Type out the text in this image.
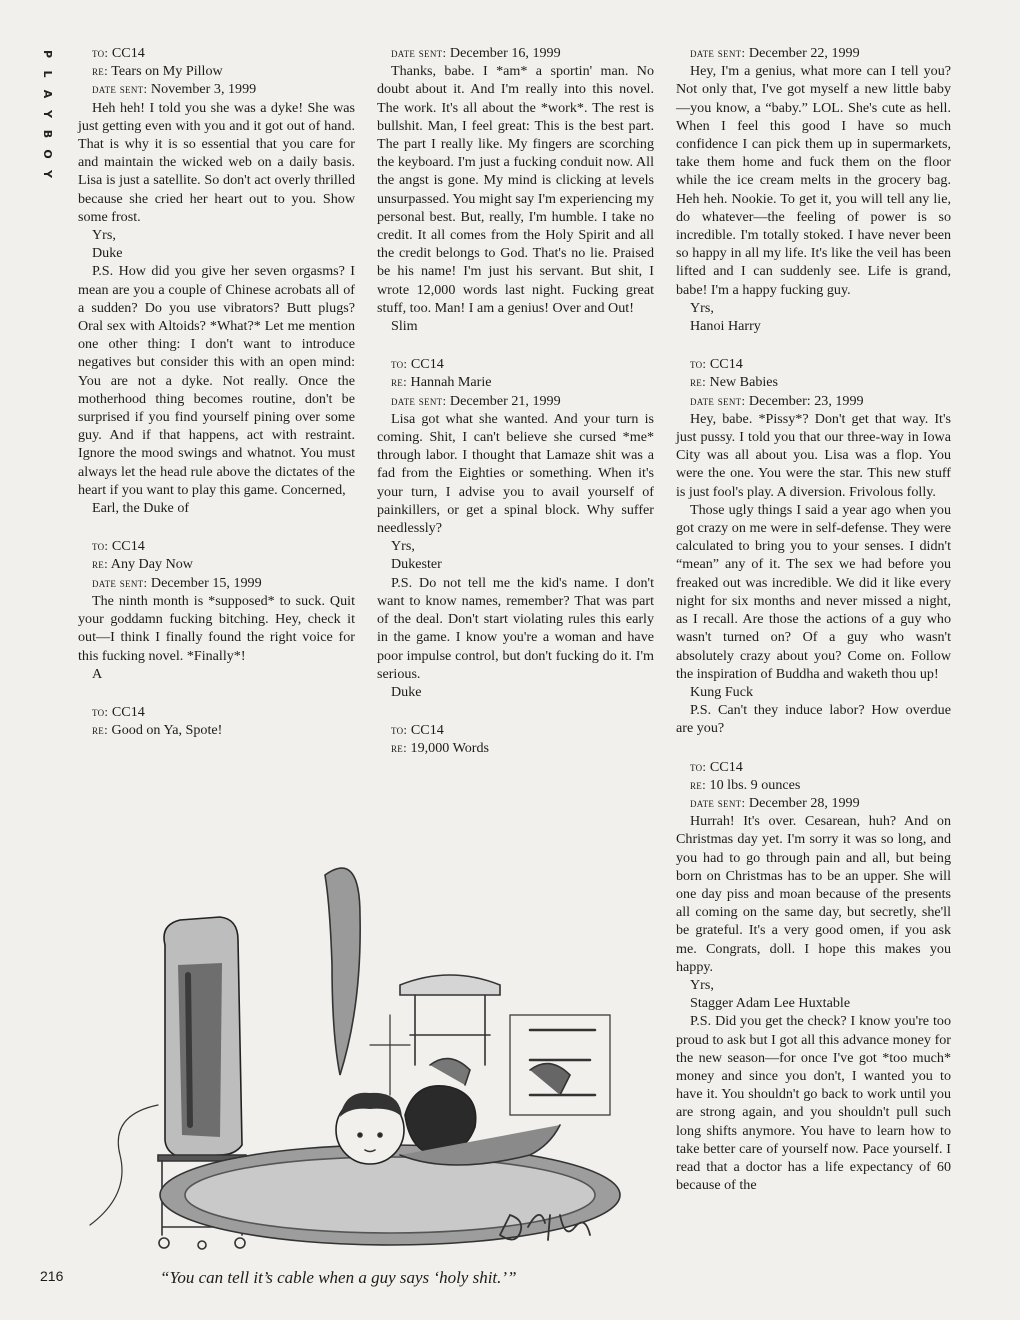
P
L
A
Y
B
O
Y
to: CC14
re: Tears on My Pillow
date sent: November 3, 1999

Heh heh! I told you she was a dyke! She was just getting even with you and it got out of hand. That is why it is so essential that you care for and maintain the wicked web on a daily basis. Lisa is just a satellite. So don't act overly thrilled because she cried her heart out to you. Show some frost.

Yrs,
Duke

P.S. How did you give her seven orgasms? I mean are you a couple of Chinese acrobats all of a sudden? Do you use vibrators? Butt plugs? Oral sex with Altoids? *What?* Let me mention one other thing: I don't want to introduce negatives but consider this with an open mind: You are not a dyke. Not really. Once the motherhood thing becomes routine, don't be surprised if you find yourself pining over some guy. And if that happens, act with restraint. Ignore the mood swings and whatnot. You must always let the head rule above the dictates of the heart if you want to play this game. Concerned,

Earl, the Duke of
to: CC14
re: Any Day Now
date sent: December 15, 1999

The ninth month is *supposed* to suck. Quit your goddamn fucking bitching. Hey, check it out—I think I finally found the right voice for this fucking novel. *Finally*!

A
to: CC14
re: Good on Ya, Spote!
date sent: December 16, 1999

Thanks, babe. I *am* a sportin' man. No doubt about it. And I'm really into this novel. The work. It's all about the *work*. The rest is bullshit. Man, I feel great: This is the best part. The part I really like. My fingers are scorching the keyboard. I'm just a fucking conduit now. All the angst is gone. My mind is clicking at levels unsurpassed. You might say I'm experiencing my personal best. But, really, I'm humble. I take no credit. It all comes from the Holy Spirit and all the credit belongs to God. That's no lie. Praised be his name! I'm just his servant. But shit, I wrote 12,000 words last night. Fucking great stuff, too. Man! I am a genius! Over and Out!

Slim
to: CC14
re: Hannah Marie
date sent: December 21, 1999

Lisa got what she wanted. And your turn is coming. Shit, I can't believe she cursed *me* through labor. I thought that Lamaze shit was a fad from the Eighties or something. When it's your turn, I advise you to avail yourself of painkillers, or get a spinal block. Why suffer needlessly?

Yrs,
Dukester

P.S. Do not tell me the kid's name. I don't want to know names, remember? That was part of the deal. Don't start violating rules this early in the game. I know you're a woman and have poor impulse control, but don't fucking do it. I'm serious.

Duke
to: CC14
re: 19,000 Words
date sent: December 22, 1999

Hey, I'm a genius, what more can I tell you? Not only that, I've got myself a new little baby—you know, a “baby.” LOL. She's cute as hell. When I feel this good I have so much confidence I can pick them up in supermarkets, take them home and fuck them on the floor while the ice cream melts in the grocery bag. Heh heh. Nookie. To get it, you will tell any lie, do whatever—the feeling of power is so incredible. I'm totally stoked. I have never been so happy in all my life. It's like the veil has been lifted and I can suddenly see. Life is grand, babe! I'm a happy fucking guy.

Yrs,
Hanoi Harry
to: CC14
re: New Babies
date sent: December: 23, 1999

Hey, babe. *Pissy*? Don't get that way. It's just pussy. I told you that our three-way in Iowa City was all about you. Lisa was a flop. You were the one. You were the star. This new stuff is just fool's play. A diversion. Frivolous folly.

Those ugly things I said a year ago when you got crazy on me were in self-defense. They were calculated to bring you to your senses. I didn't “mean” any of it. The sex we had before you freaked out was incredible. We did it like every night for six months and never missed a night, as I recall. Are those the actions of a guy who wasn't turned on? Of a guy who wasn't absolutely crazy about you? Come on. Follow the inspiration of Buddha and waketh thou up!

Kung Fuck

P.S. Can't they induce labor? How overdue are you?

to: CC14
re: 10 lbs. 9 ounces
date sent: December 28, 1999

Hurrah! It's over. Cesarean, huh? And on Christmas day yet. I'm sorry it was so long, and you had to go through pain and all, but being born on Christmas has to be an upper. She will one day piss and moan because of the presents all coming on the same day, but secretly, she'll be grateful. It's a very good omen, if you ask me. Congrats, doll. I hope this makes you happy.

Yrs,
Stagger Adam Lee Huxtable

P.S. Did you get the check? I know you're too proud to ask but I got all this advance money for the new season—for once I've got *too much* money and since you don't, I wanted you to have it. You shouldn't go back to work until you are strong again, and you shouldn't pull such long shifts anymore. You have to learn how to take better care of yourself now. Pace yourself. I read that a doctor has a life expectancy of 60 because of the

216	“You can tell it’s cable when a guy says ‘holy shit.’”
